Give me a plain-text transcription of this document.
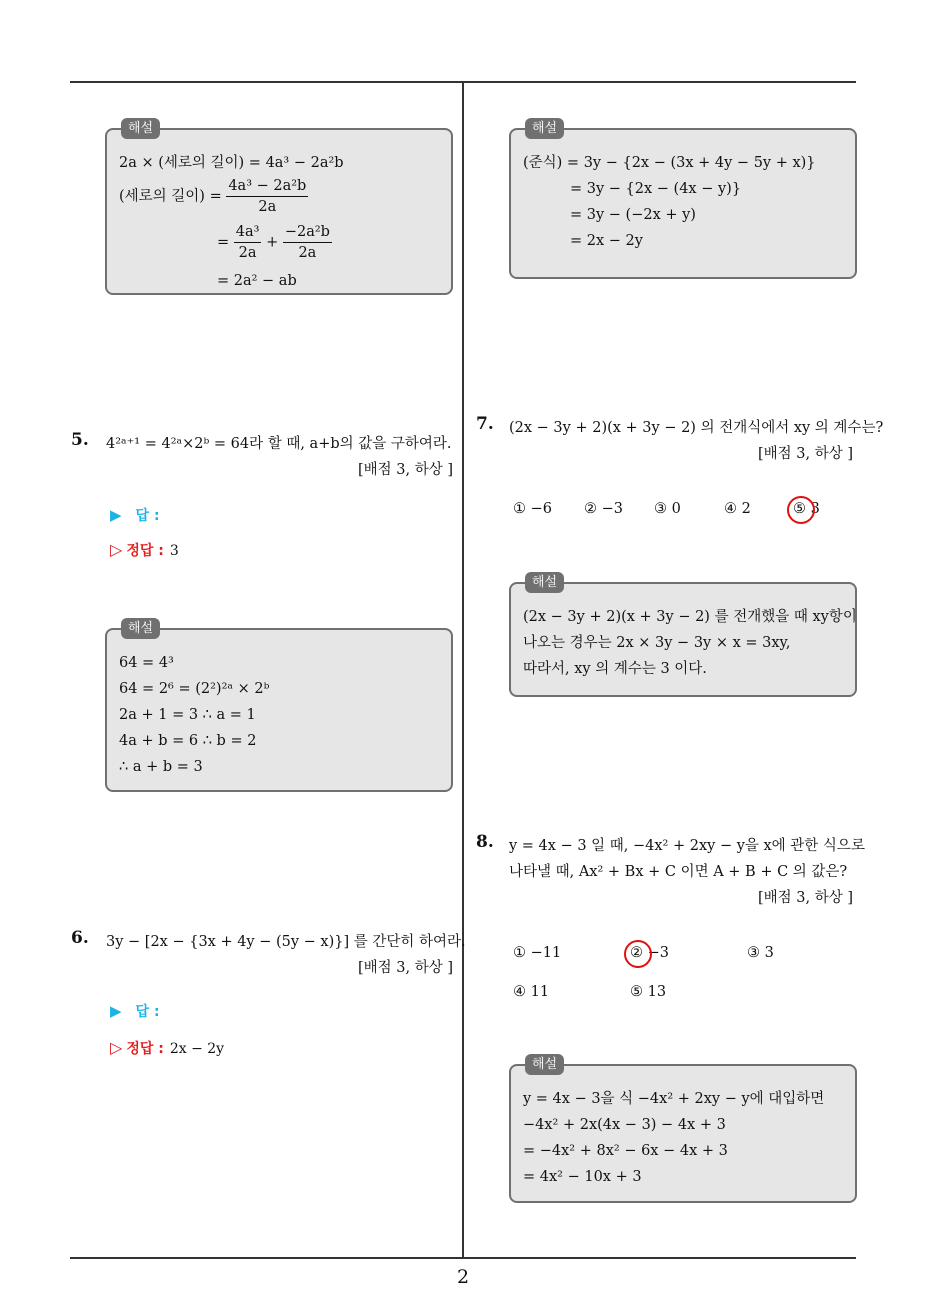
해설
2a × (세로의 길이) = 4a³ − 2a²b
(세로의 길이) = $\frac{\text{4a³ − 2a²b}}{2a}$
= $\frac{\text{4a³}}{2a} + \frac{\text{−2a²b}}{2a}$
= 2a² − ab
해설
(준식) = 3y − {2x − (3x + 4y − 5y + x)}
= 3y − {2x − (4x − y)}
= 3y − (−2x + y)
= 2x − 2y
5. 4²ᵃ⁺¹ = 4²ᵃ×2ᵇ = 64라 할 때, a+b의 값을 구하여라.
[배점 3, 하상 ]
▶ 답 :
▷ 정답 : 3
해설
64 = 4³
64 = 2⁶ = (2²)²ᵃ × 2ᵇ
2a + 1 = 3 ∴ a = 1
4a + b = 6 ∴ b = 2
∴ a + b = 3
6. 3y − [2x − {3x + 4y − (5y − x)}] 를 간단히 하여라.
[배점 3, 하상 ]
▶ 답 :
▷ 정답 : 2x − 2y
7. (2x − 3y + 2)(x + 3y − 2) 의 전개식에서 xy 의 계수는?
[배점 3, 하상 ]
① −6 ② −3 ③ 0	④ 2	⑤ 3
해설
(2x − 3y + 2)(x + 3y − 2) 를 전개했을 때 xy항이
나오는 경우는 2x × 3y − 3y × x = 3xy,
따라서, xy 의 계수는 3 이다.
8. y = 4x − 3 일 때, −4x² + 2xy − y을 x에 관한 식으로
나타낼 때, Ax² + Bx + C 이면 A + B + C 의 값은?
[배점 3, 하상 ]
① −11	② −3	③ 3
④ 11	⑤ 13
해설
y = 4x − 3을 식 −4x² + 2xy − y에 대입하면
−4x² + 2x(4x − 3) − 4x + 3
= −4x² + 8x² − 6x − 4x + 3
= 4x² − 10x + 3
2
